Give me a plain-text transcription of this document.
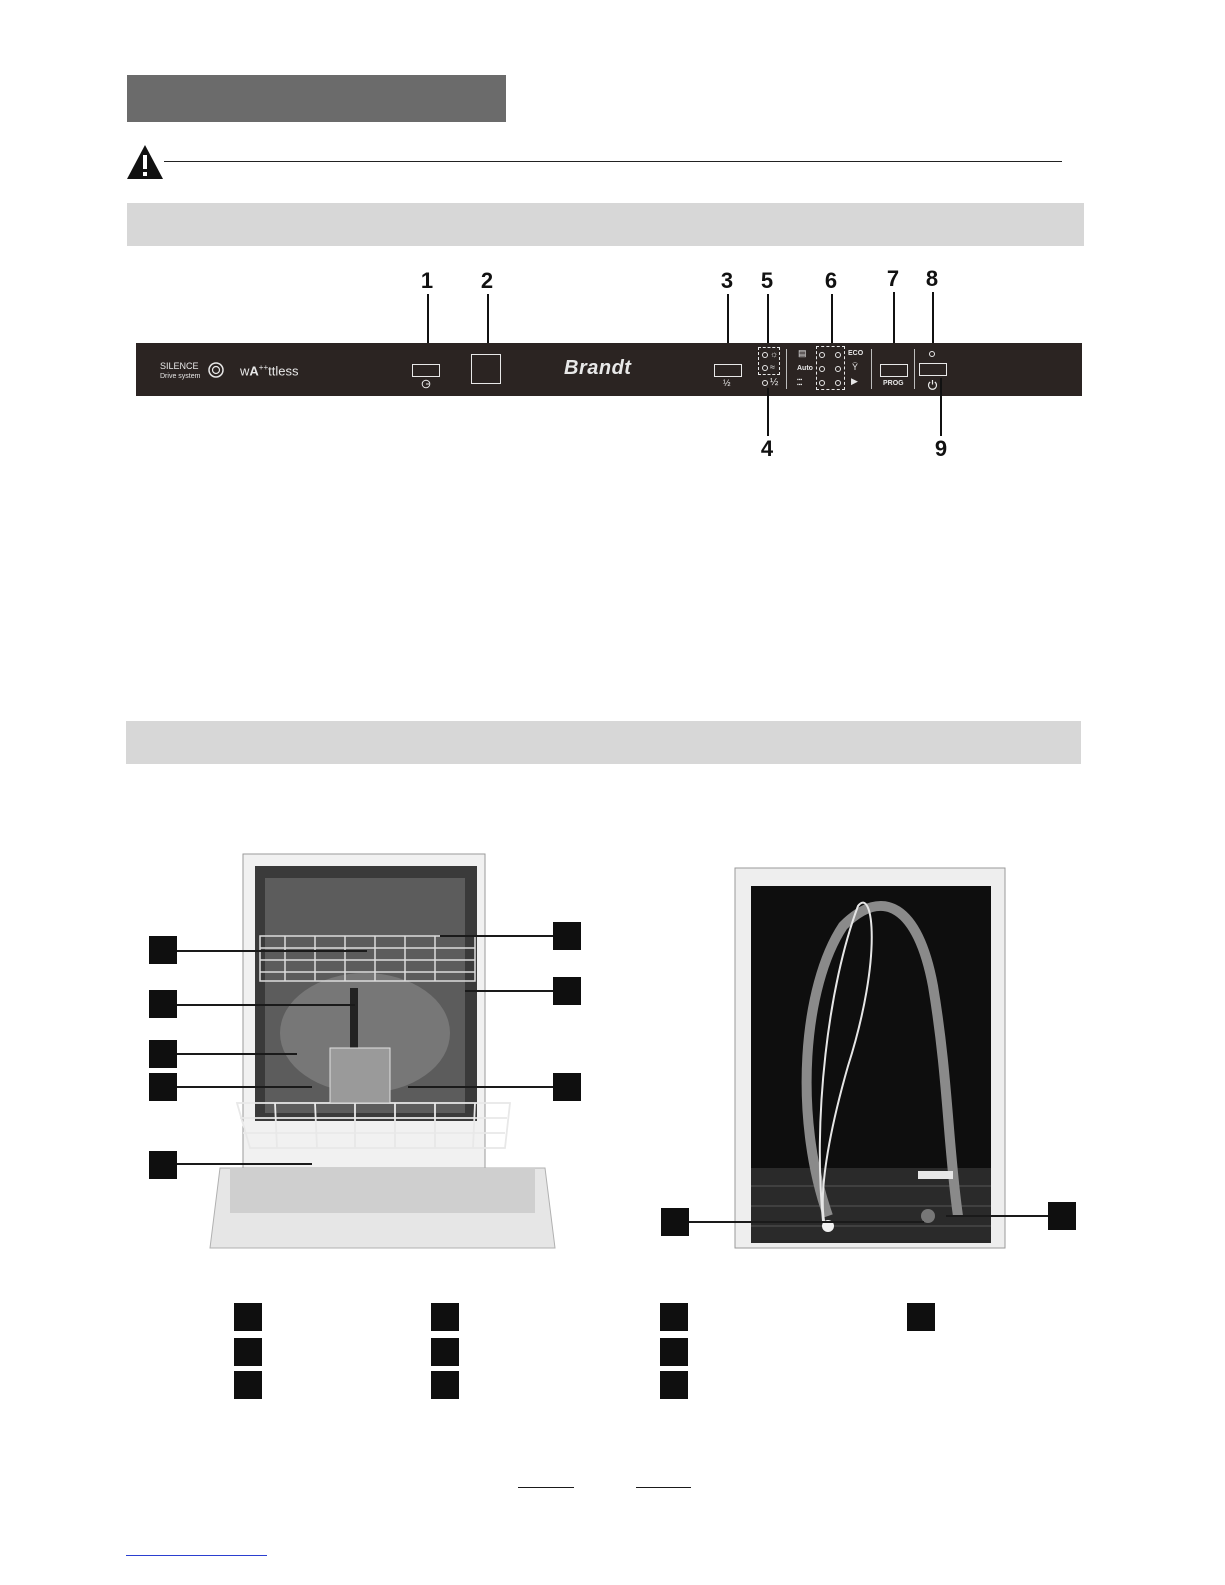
1 2	3 5 6 7 8
SILENCE
Drive system	wA++ttless	Brandt
½
☼
≈
½
▤
Auto
▪▪▪
▪▪▪
ECO
Ÿ
▶	PROG
4	9
